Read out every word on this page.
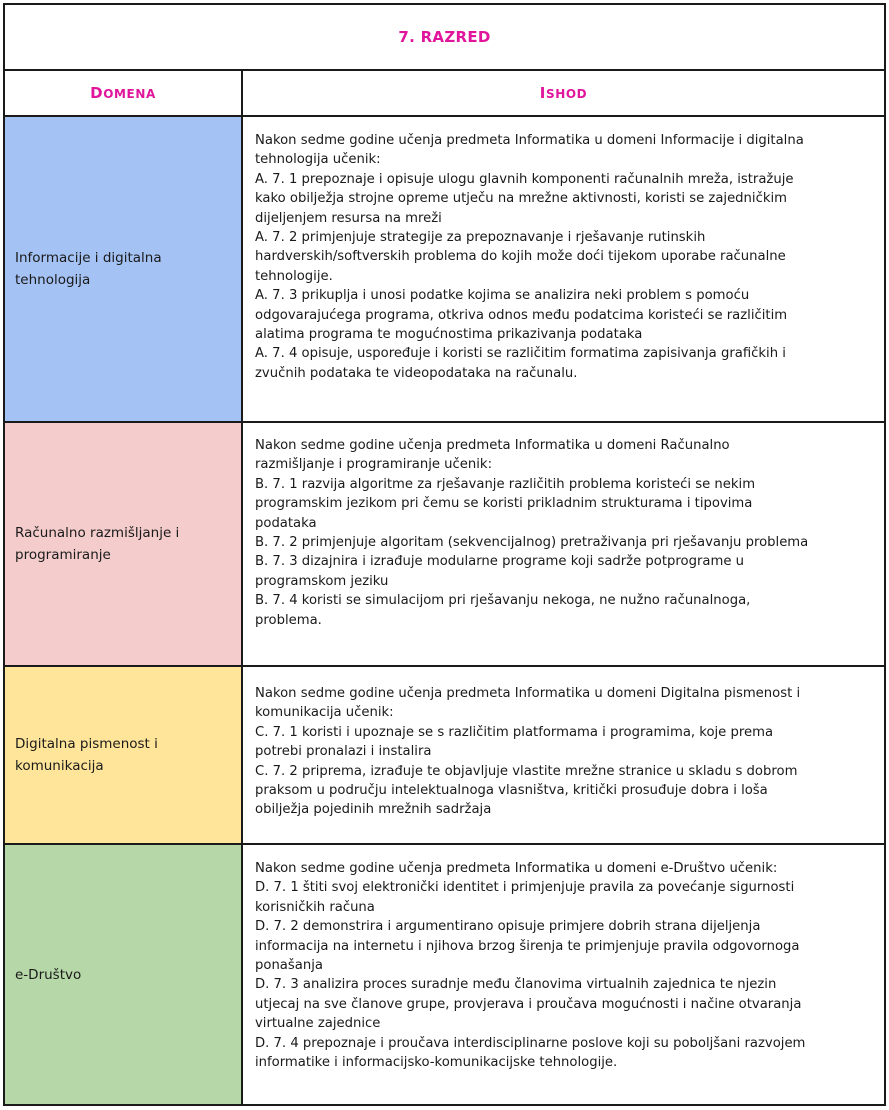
7. RAZRED
DOMENA	ISHOD
Informacije i digitalna tehnologija
Nakon sedme godine učenja predmeta Informatika u domeni Informacije i digitalna
tehnologija učenik:
A. 7. 1 prepoznaje i opisuje ulogu glavnih komponenti računalnih mreža, istražuje
kako obilježja strojne opreme utječu na mrežne aktivnosti, koristi se zajedničkim
dijeljenjem resursa na mreži
A. 7. 2 primjenjuje strategije za prepoznavanje i rješavanje rutinskih
hardverskih/softverskih problema do kojih može doći tijekom uporabe računalne
tehnologije.
A. 7. 3 prikuplja i unosi podatke kojima se analizira neki problem s pomoću
odgovarajućega programa, otkriva odnos među podatcima koristeći se različitim
alatima programa te mogućnostima prikazivanja podataka
A. 7. 4 opisuje, uspoređuje i koristi se različitim formatima zapisivanja grafičkih i
zvučnih podataka te videopodataka na računalu.
Računalno razmišljanje i programiranje
Nakon sedme godine učenja predmeta Informatika u domeni Računalno
razmišljanje i programiranje učenik:
B. 7. 1 razvija algoritme za rješavanje različitih problema koristeći se nekim
programskim jezikom pri čemu se koristi prikladnim strukturama i tipovima
podataka
B. 7. 2 primjenjuje algoritam (sekvencijalnog) pretraživanja pri rješavanju problema
B. 7. 3 dizajnira i izrađuje modularne programe koji sadrže potprograme u
programskom jeziku
B. 7. 4 koristi se simulacijom pri rješavanju nekoga, ne nužno računalnoga,
problema.
Digitalna pismenost i komunikacija
Nakon sedme godine učenja predmeta Informatika u domeni Digitalna pismenost i
komunikacija učenik:
C. 7. 1 koristi i upoznaje se s različitim platformama i programima, koje prema
potrebi pronalazi i instalira
C. 7. 2 priprema, izrađuje te objavljuje vlastite mrežne stranice u skladu s dobrom
praksom u području intelektualnoga vlasništva, kritički prosuđuje dobra i loša
obilježja pojedinih mrežnih sadržaja
e-Društvo
Nakon sedme godine učenja predmeta Informatika u domeni e-Društvo učenik:
D. 7. 1 štiti svoj elektronički identitet i primjenjuje pravila za povećanje sigurnosti
korisničkih računa
D. 7. 2 demonstrira i argumentirano opisuje primjere dobrih strana dijeljenja
informacija na internetu i njihova brzog širenja te primjenjuje pravila odgovornoga
ponašanja
D. 7. 3 analizira proces suradnje među članovima virtualnih zajednica te njezin
utjecaj na sve članove grupe, provjerava i proučava mogućnosti i načine otvaranja
virtualne zajednice
D. 7. 4 prepoznaje i proučava interdisciplinarne poslove koji su poboljšani razvojem
informatike i informacijsko-komunikacijske tehnologije.
